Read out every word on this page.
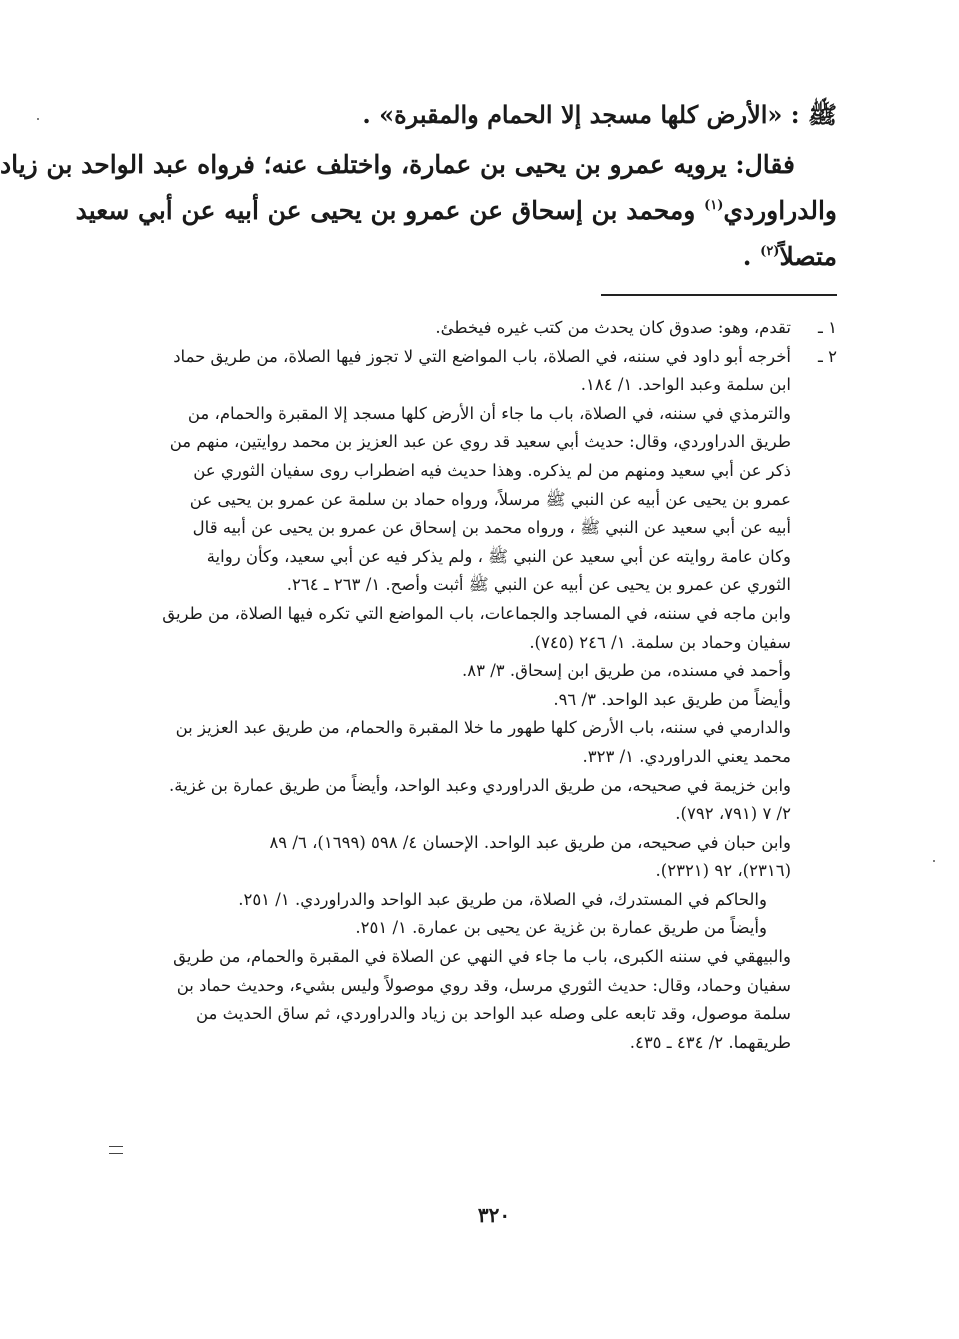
ﷺ : «الأرض كلها مسجد إلا الحمام والمقبرة» .
فقال: يرويه عمرو بن يحيى بن عمارة، واختلف عنه؛ فرواه عبد الواحد بن زياد
والدراوردي$^{(١)}$ ومحمد بن إسحاق عن عمرو بن يحيى عن أبيه عن أبي سعيد
متصلاً$^{(٢)}$ .
١ ـ
تقدم، وهو: صدوق كان يحدث من كتب غيره فيخطئ.
٢ ـ
أخرجه أبو داود في سننه، في الصلاة، باب المواضع التي لا تجوز فيها الصلاة، من طريق حماد
ابن سلمة وعبد الواحد. ١/ ١٨٤.
والترمذي في سننه، في الصلاة، باب ما جاء أن الأرض كلها مسجد إلا المقبرة والحمام، من
طريق الدراوردي، وقال: حديث أبي سعيد قد روي عن عبد العزيز بن محمد روايتين، منهم من
ذكر عن أبي سعيد ومنهم من لم يذكره. وهذا حديث فيه اضطراب روى سفيان الثوري عن
عمرو بن يحيى عن أبيه عن النبي ﷺ مرسلاً، ورواه حماد بن سلمة عن عمرو بن يحيى عن
أبيه عن أبي سعيد عن النبي ﷺ ، ورواه محمد بن إسحاق عن عمرو بن يحيى عن أبيه قال
وكان عامة روايته عن أبي سعيد عن النبي ﷺ ، ولم يذكر فيه عن أبي سعيد، وكأن رواية
الثوري عن عمرو بن يحيى عن أبيه عن النبي ﷺ أثبت وأصح. ١/ ٢٦٣ ـ ٢٦٤.
وابن ماجه في سننه، في المساجد والجماعات، باب المواضع التي تكره فيها الصلاة، من طريق
سفيان وحماد بن سلمة. ١/ ٢٤٦ (٧٤٥).
وأحمد في مسنده، من طريق ابن إسحاق. ٣/ ٨٣.
وأيضاً من طريق عبد الواحد. ٣/ ٩٦.
والدارمي في سننه، باب الأرض كلها طهور ما خلا المقبرة والحمام، من طريق عبد العزيز بن
محمد يعني الدراوردي. ١/ ٣٢٣.
وابن خزيمة في صحيحه، من طريق الدراوردي وعبد الواحد، وأيضاً من طريق عمارة بن غزية.
٢/ ٧ (٧٩١، ٧٩٢).
وابن حبان في صحيحه، من طريق عبد الواحد. الإحسان ٤/ ٥٩٨ (١٦٩٩)، ٦/ ٨٩
(٢٣١٦)، ٩٢ (٢٣٢١).
والحاكم في المستدرك، في الصلاة، من طريق عبد الواحد والدراوردي. ١/ ٢٥١.
وأيضاً من طريق عمارة بن غزية عن يحيى بن عمارة. ١/ ٢٥١.
والبيهقي في سننه الكبرى، باب ما جاء في النهي عن الصلاة في المقبرة والحمام، من طريق
سفيان وحماد، وقال: حديث الثوري مرسل، وقد روي موصولاً وليس بشيء، وحديث حماد بن
سلمة موصول، وقد تابعه على وصله عبد الواحد بن زياد والدراوردي، ثم ساق الحديث من
طريقهما. ٢/ ٤٣٤ ـ ٤٣٥.
٣٢٠
